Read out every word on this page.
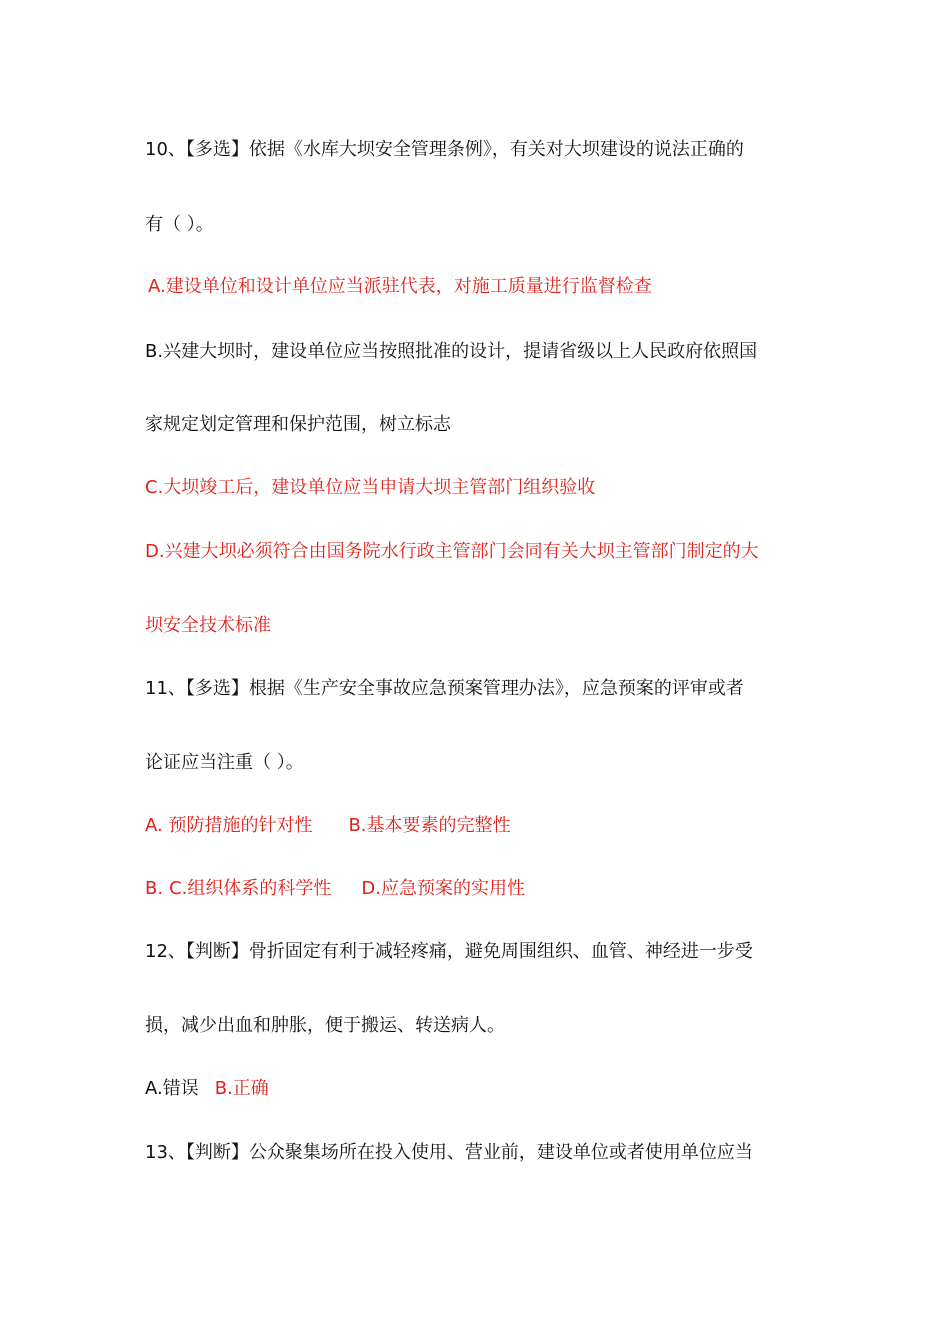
10、【多选】依据《水库大坝安全管理条例》，有关对大坝建设的说法正确的
有（ ）。
A.建设单位和设计单位应当派驻代表，对施工质量进行监督检查
B.兴建大坝时，建设单位应当按照批准的设计，提请省级以上人民政府依照国
家规定划定管理和保护范围，树立标志
C.大坝竣工后，建设单位应当申请大坝主管部门组织验收
D.兴建大坝必须符合由国务院水行政主管部门会同有关大坝主管部门制定的大
坝安全技术标准
11、【多选】根据《生产安全事故应急预案管理办法》，应急预案的评审或者
论证应当注重（ ）。
A. 预防措施的针对性 B.基本要素的完整性
B. C.组织体系的科学性 D.应急预案的实用性
12、【判断】骨折固定有利于减轻疼痛，避免周围组织、血管、神经进一步受
损，减少出血和肿胀，便于搬运、转送病人。
A.错误 B.正确
13、【判断】公众聚集场所在投入使用、营业前，建设单位或者使用单位应当
